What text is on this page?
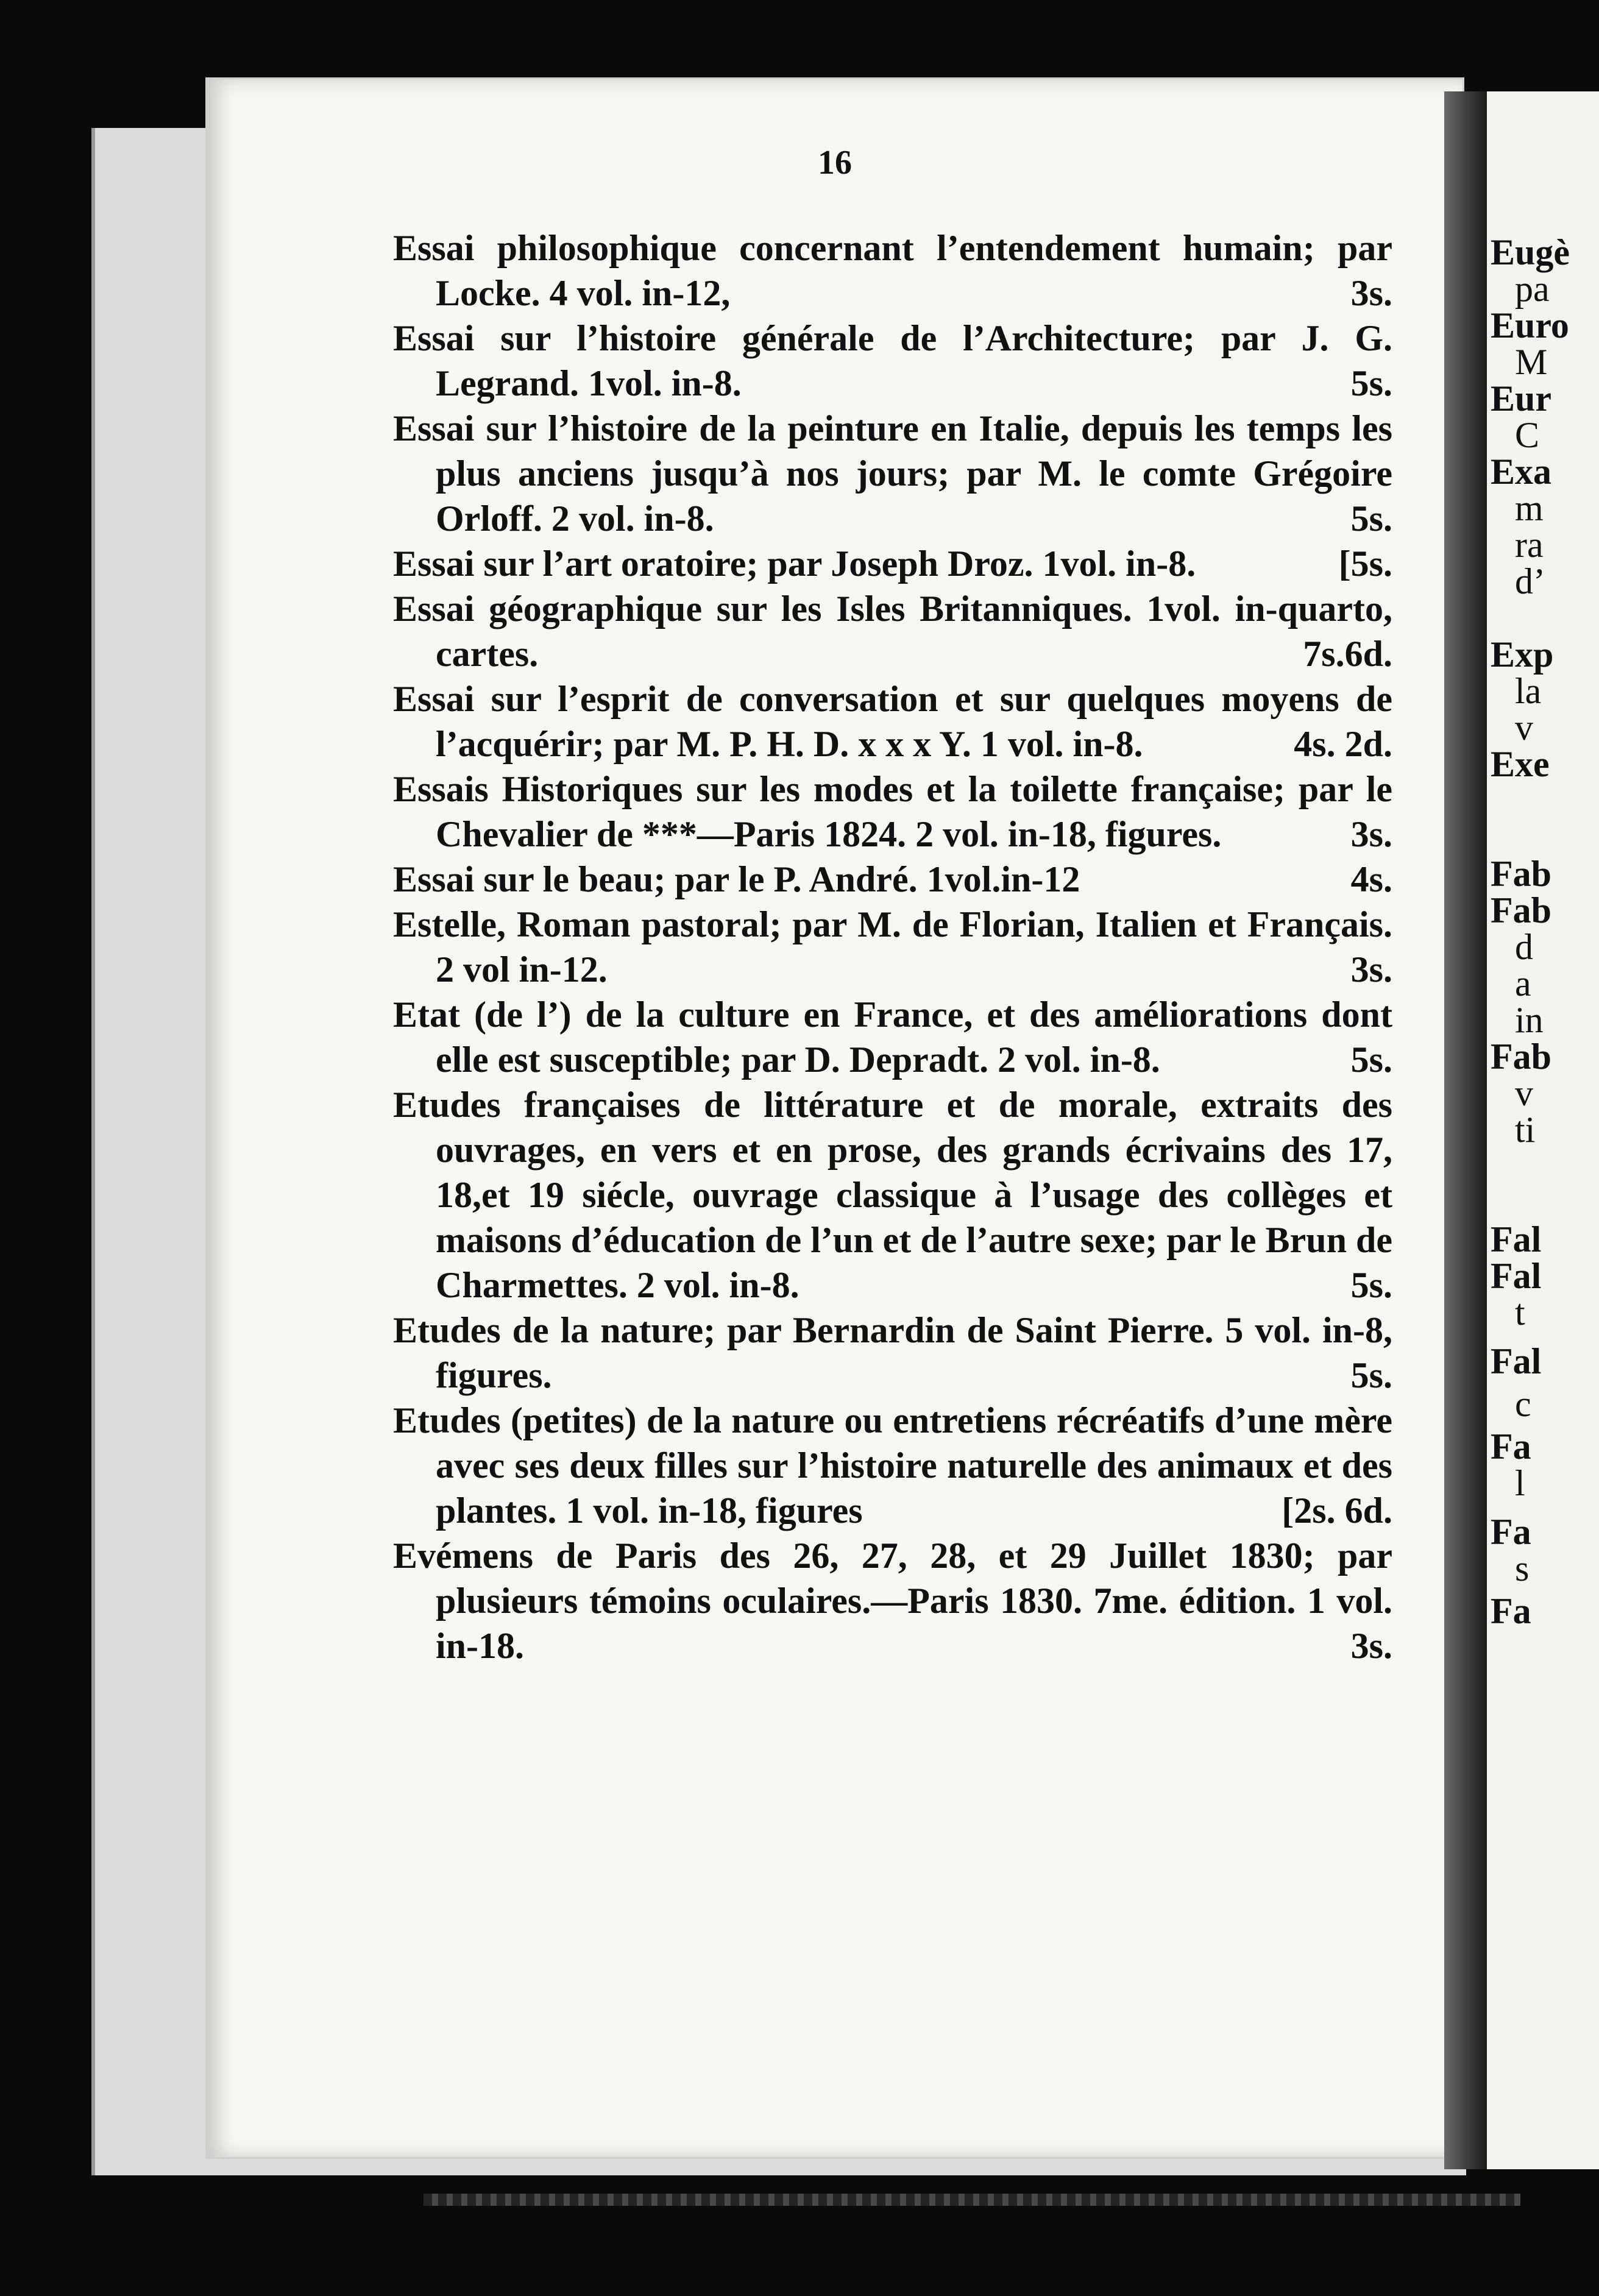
16

Essai philosophique concernant l’entendement humain; par Locke. 4 vol. in-12,	3s.

Essai sur l’histoire générale de l’Architecture; par J. G. Legrand. 1vol. in-8.	5s.

Essai sur l’histoire de la peinture en Italie, depuis les temps les plus anciens jusqu’à nos jours; par M. le comte Grégoire Orloff. 2 vol. in-8.	5s.

Essai sur l’art oratoire; par Joseph Droz. 1vol. in-8.	[5s.

Essai géographique sur les Isles Britanniques. 1vol. in-quarto, cartes.	7s.6d.

Essai sur l’esprit de conversation et sur quelques moyens de l’acquérir; par M. P. H. D. x x x Y. 1 vol. in-8.	4s. 2d.

Essais Historiques sur les modes et la toilette française; par le Chevalier de ***—Paris 1824. 2 vol. in-18, figures.	3s.

Essai sur le beau; par le P. André. 1vol.in-12	4s.

Estelle, Roman pastoral; par M. de Florian, Italien et Français. 2 vol in-12.	3s.

Etat (de l’) de la culture en France, et des améliorations dont elle est susceptible; par D. Depradt. 2 vol. in-8.	5s.

Etudes françaises de littérature et de morale, extraits des ouvrages, en vers et en prose, des grands écrivains des 17, 18,et 19 siécle, ouvrage classique à l’usage des collèges et maisons d’éducation de l’un et de l’autre sexe; par le Brun de Charmettes. 2 vol. in-8.	5s.

Etudes de la nature; par Bernardin de Saint Pierre. 5 vol. in-8, figures.	5s.

Etudes (petites) de la nature ou entretiens récréatifs d’une mère avec ses deux filles sur l’histoire naturelle des animaux et des plantes. 1 vol. in-18, figures	[2s. 6d.

Evémens de Paris des 26, 27, 28, et 29 Juillet 1830; par plusieurs témoins oculaires.—Paris 1830. 7me. édition. 1 vol. in-18.	3s.

Eugè
pa
Euro
M
Eur
C
Exa
m
ra
d’
Exp
la
v
Exe
Fab
Fab
d
a
in
Fab
v
ti
Fal
Fal
t
Fal
c
Fa
l
Fa
s
Fa
